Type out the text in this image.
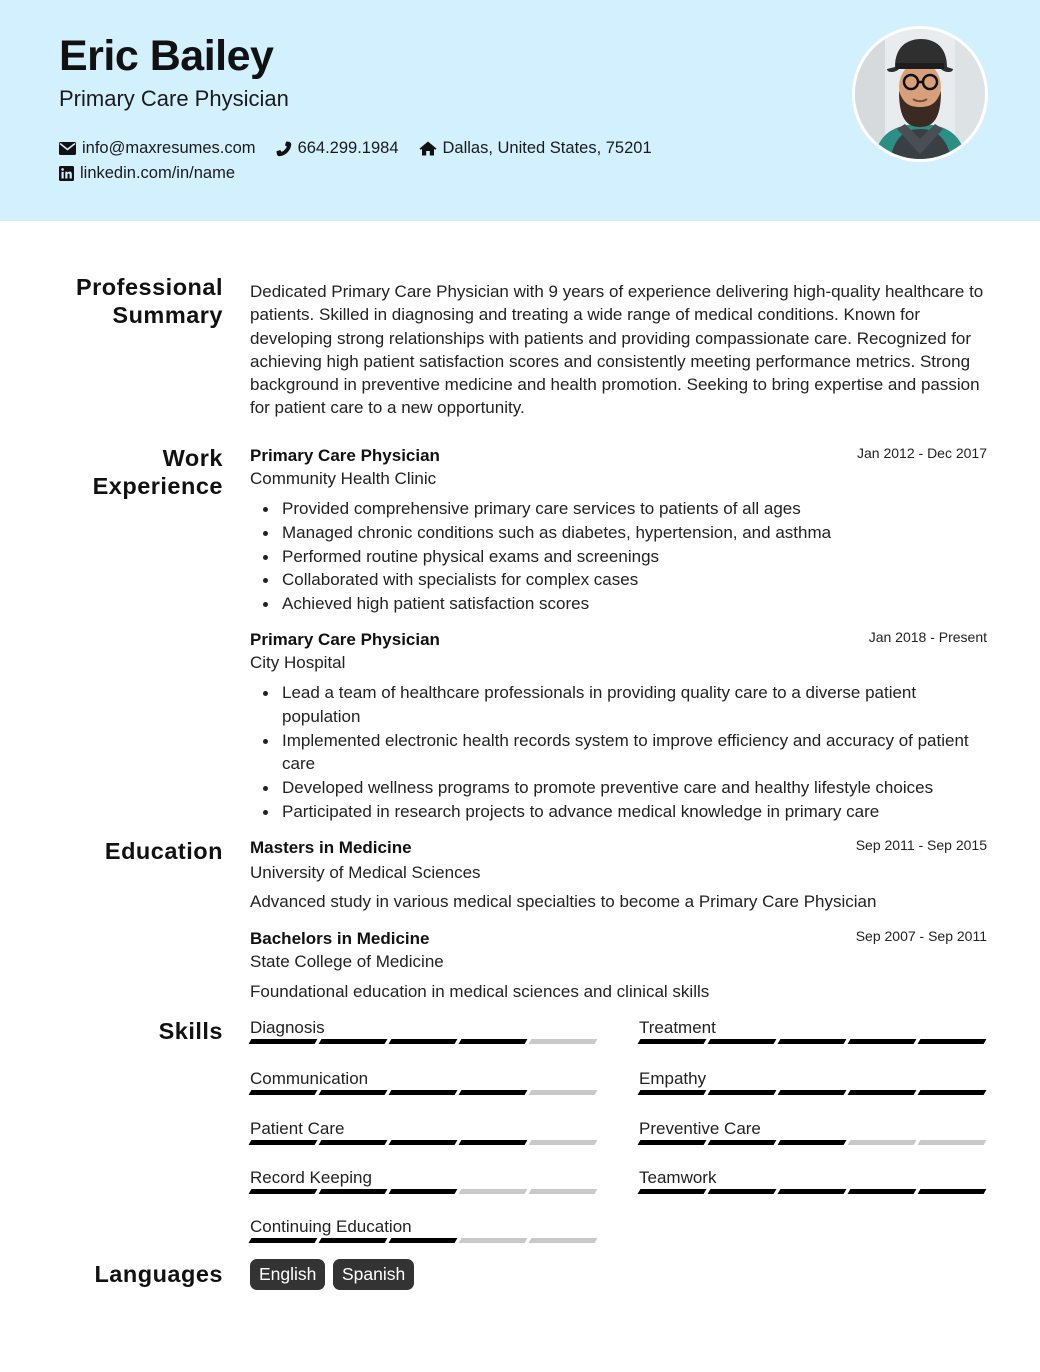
Eric Bailey
Primary Care Physician
info@maxresumes.com	664.299.1984	Dallas, United States, 75201
linkedin.com/in/name
Professional
Summary
Dedicated Primary Care Physician with 9 years of experience delivering high-quality healthcare to patients. Skilled in diagnosing and treating a wide range of medical conditions. Known for developing strong relationships with patients and providing compassionate care. Recognized for achieving high patient satisfaction scores and consistently meeting performance metrics. Strong background in preventive medicine and health promotion. Seeking to bring expertise and passion for patient care to a new opportunity.
Work
Experience
Primary Care Physician	Jan 2012 - Dec 2017
Community Health Clinic
Provided comprehensive primary care services to patients of all ages
Managed chronic conditions such as diabetes, hypertension, and asthma
Performed routine physical exams and screenings
Collaborated with specialists for complex cases
Achieved high patient satisfaction scores
Primary Care Physician	Jan 2018 - Present
City Hospital
Lead a team of healthcare professionals in providing quality care to a diverse patient population
Implemented electronic health records system to improve efficiency and accuracy of patient care
Developed wellness programs to promote preventive care and healthy lifestyle choices
Participated in research projects to advance medical knowledge in primary care
Education Masters in Medicine	Sep 2011 - Sep 2015
University of Medical Sciences
Advanced study in various medical specialties to become a Primary Care Physician
Bachelors in Medicine	Sep 2007 - Sep 2011
State College of Medicine
Foundational education in medical sciences and clinical skills
Skills Diagnosis	Treatment
Communication	Empathy
Patient Care	Preventive Care
Record Keeping	Teamwork
Continuing Education
Languages	English	Spanish
